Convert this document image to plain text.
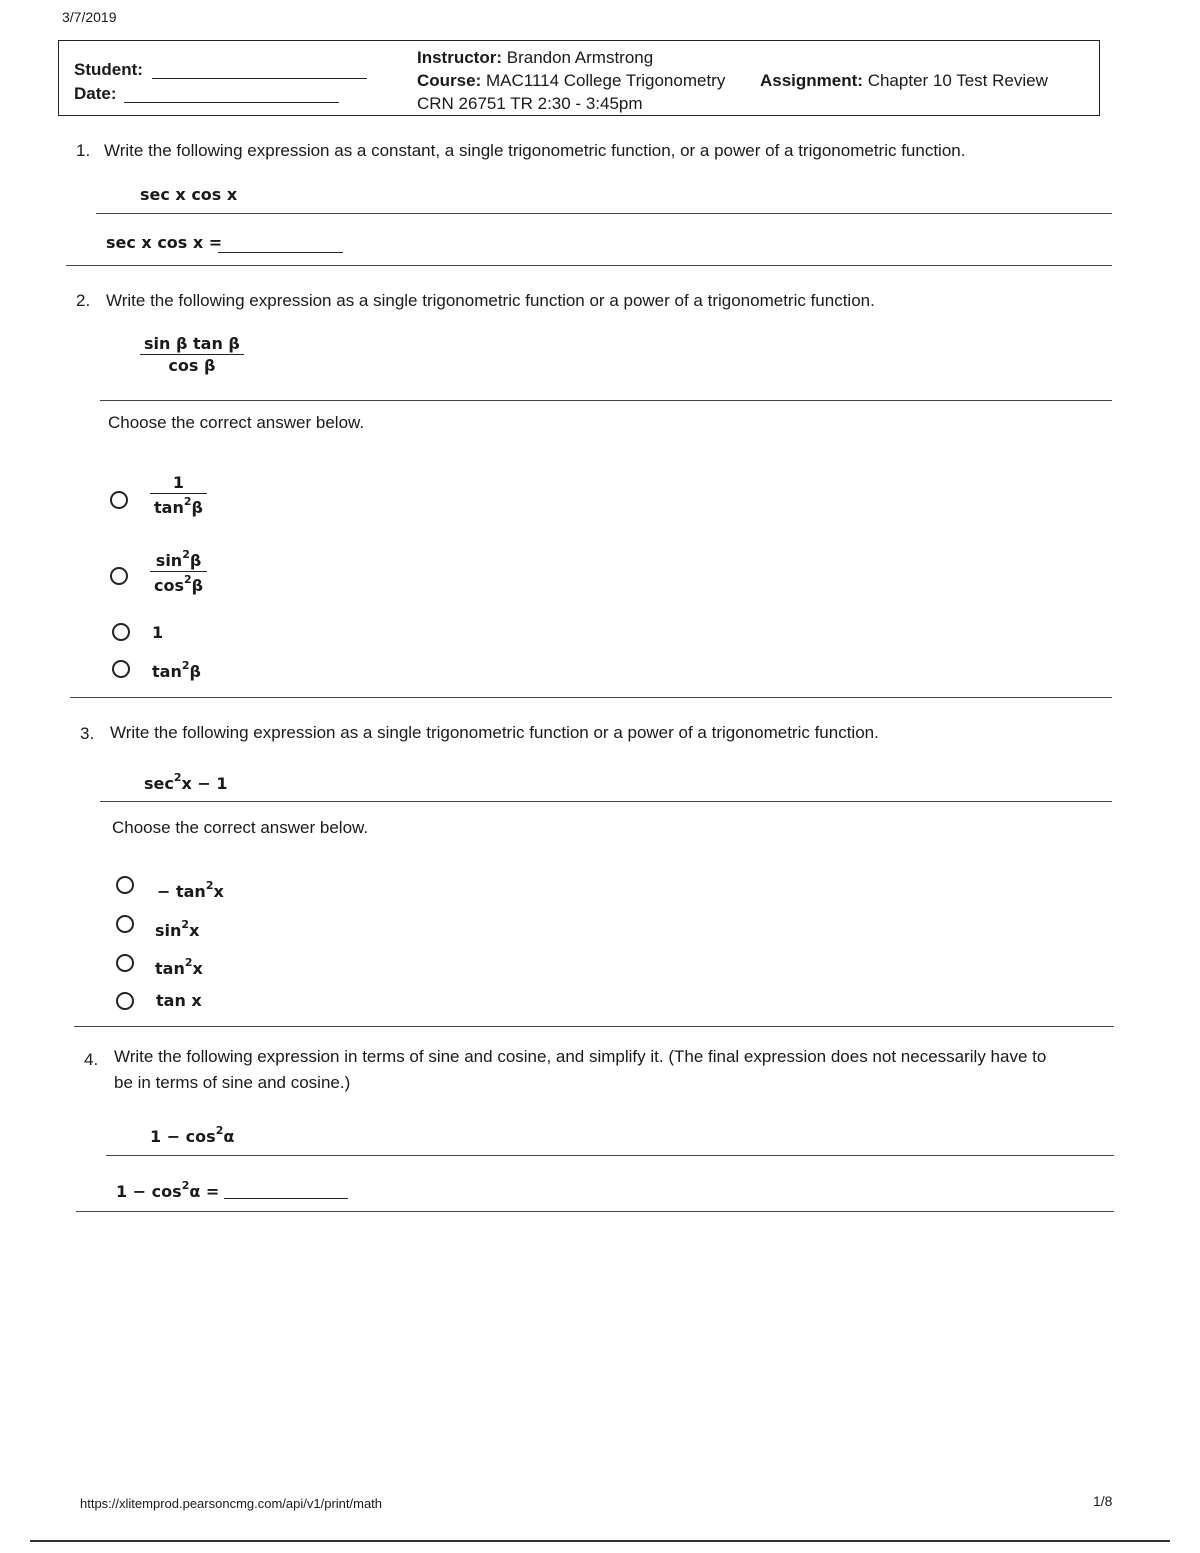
3/7/2019
Student:
Date:
Instructor: Brandon Armstrong
Course: MAC1114 College Trigonometry Assignment: Chapter 10 Test Review
CRN 26751 TR 2:30 - 3:45pm
1. Write the following expression as a constant, a single trigonometric function, or a power of a trigonometric function.
sec x cos x
sec x cos x =
2. Write the following expression as a single trigonometric function or a power of a trigonometric function.
$\frac{\text{sin β tan β}}{\text{cos β}}$
Choose the correct answer below.
$\frac{1}{\tan^2\beta}$
$\frac{\sin^2\beta}{\cos^2\beta}$
1
$\tan^2\beta$
3. Write the following expression as a single trigonometric function or a power of a trigonometric function.
$\sec^2x - 1$
Choose the correct answer below.
− $\tan^2x$
$\sin^2x$
$\tan^2x$
tan x
4. Write the following expression in terms of sine and cosine, and simplify it. (The final expression does not necessarily have to
be in terms of sine and cosine.)
$1 - \cos^2\alpha$
$1 - \cos^2\alpha$ =
https://xlitemprod.pearsoncmg.com/api/v1/print/math	1/8
